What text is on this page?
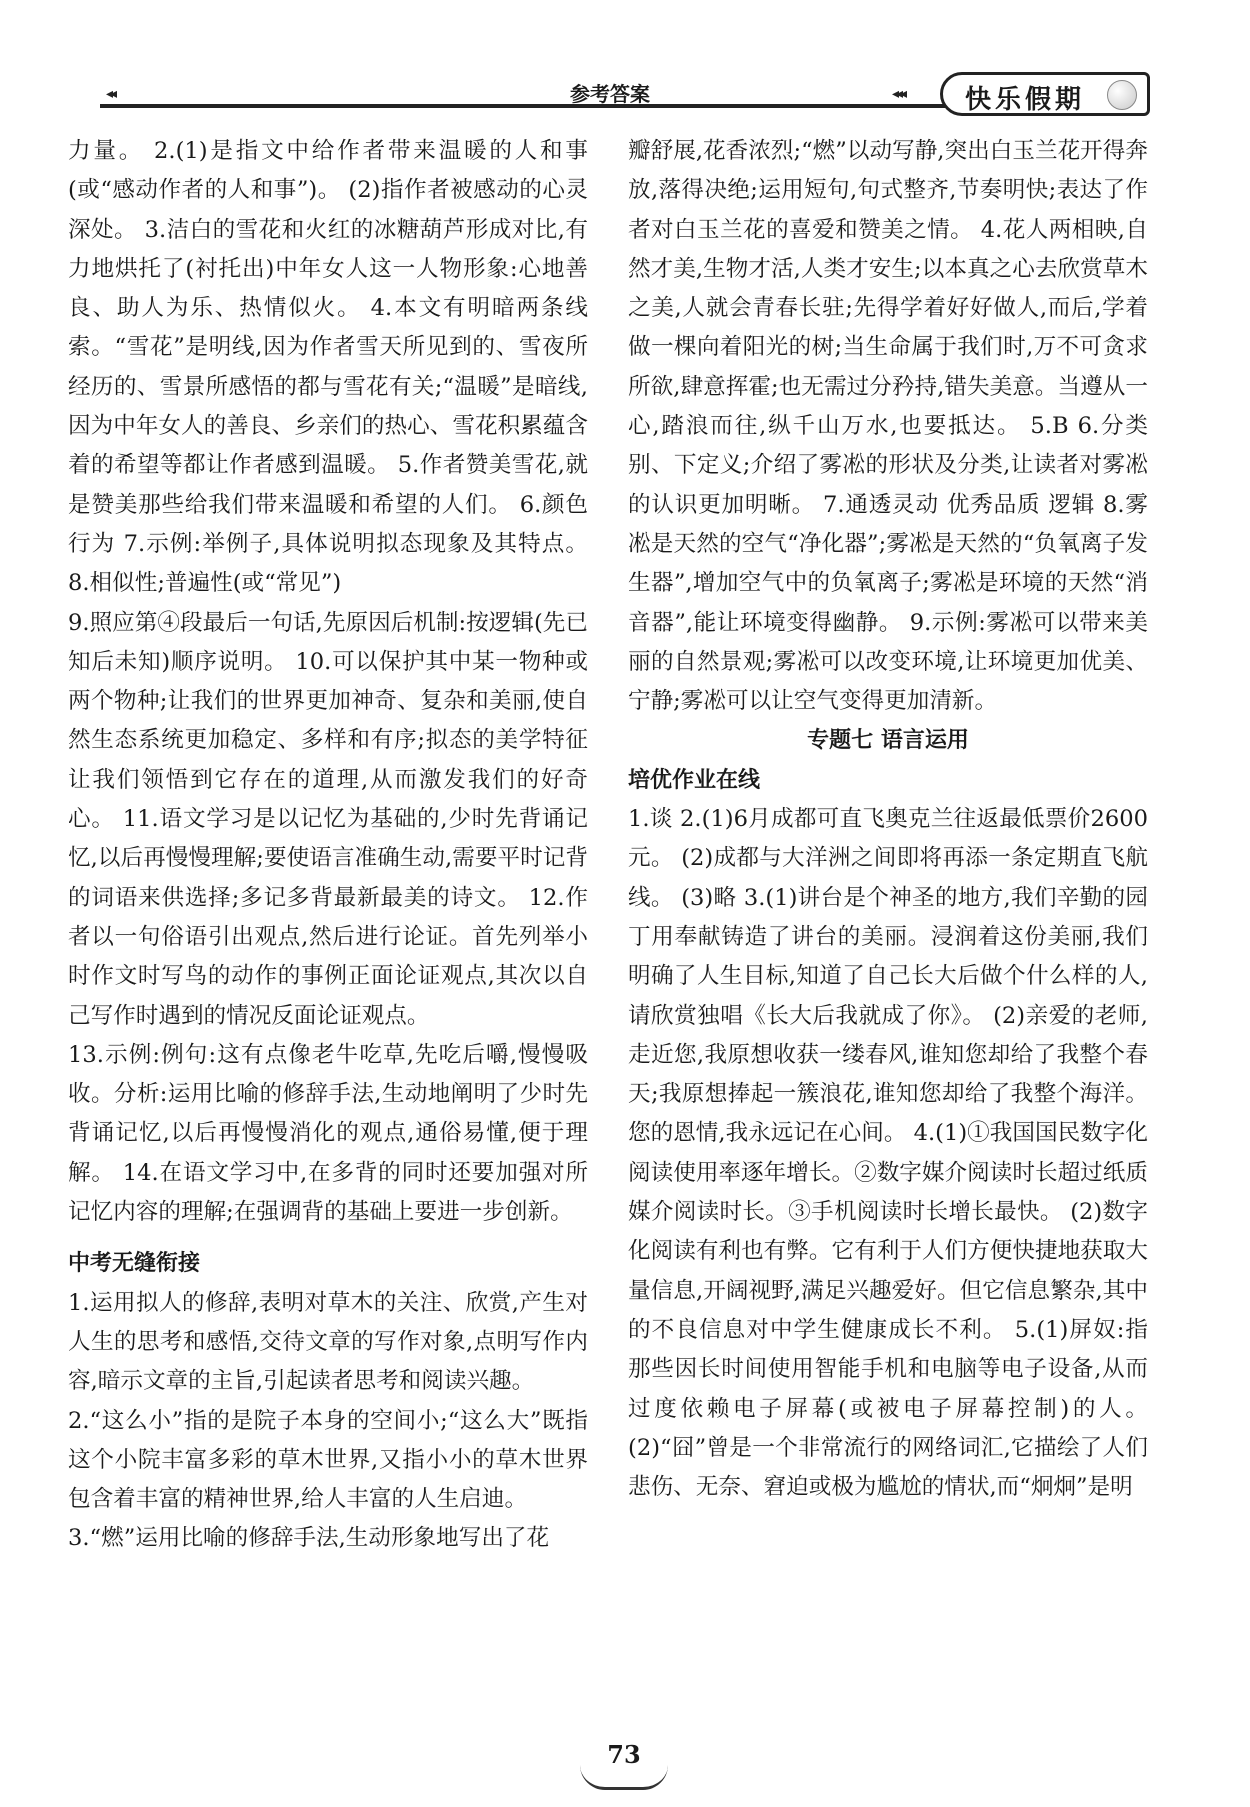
◂◂	参考答案	◂◂◂ 快乐假期

力量。 2.(1)是指文中给作者带来温暖的人和事(或“感动作者的人和事”)。 (2)指作者被感动的心灵深处。 3.洁白的雪花和火红的冰糖葫芦形成对比,有力地烘托了(衬托出)中年女人这一人物形象:心地善良、助人为乐、热情似火。 4.本文有明暗两条线索。“雪花”是明线,因为作者雪天所见到的、雪夜所经历的、雪景所感悟的都与雪花有关;“温暖”是暗线,因为中年女人的善良、乡亲们的热心、雪花积累蕴含着的希望等都让作者感到温暖。 5.作者赞美雪花,就是赞美那些给我们带来温暖和希望的人们。 6.颜色 行为 7.示例:举例子,具体说明拟态现象及其特点。 8.相似性;普遍性(或“常见”)

9.照应第④段最后一句话,先原因后机制:按逻辑(先已知后未知)顺序说明。 10.可以保护其中某一物种或两个物种;让我们的世界更加神奇、复杂和美丽,使自然生态系统更加稳定、多样和有序;拟态的美学特征让我们领悟到它存在的道理,从而激发我们的好奇心。 11.语文学习是以记忆为基础的,少时先背诵记忆,以后再慢慢理解;要使语言准确生动,需要平时记背的词语来供选择;多记多背最新最美的诗文。 12.作者以一句俗语引出观点,然后进行论证。首先列举小时作文时写鸟的动作的事例正面论证观点,其次以自己写作时遇到的情况反面论证观点。

13.示例:例句:这有点像老牛吃草,先吃后嚼,慢慢吸收。分析:运用比喻的修辞手法,生动地阐明了少时先背诵记忆,以后再慢慢消化的观点,通俗易懂,便于理解。 14.在语文学习中,在多背的同时还要加强对所记忆内容的理解;在强调背的基础上要进一步创新。

中考无缝衔接

1.运用拟人的修辞,表明对草木的关注、欣赏,产生对人生的思考和感悟,交待文章的写作对象,点明写作内容,暗示文章的主旨,引起读者思考和阅读兴趣。

2.“这么小”指的是院子本身的空间小;“这么大”既指这个小院丰富多彩的草木世界,又指小小的草木世界包含着丰富的精神世界,给人丰富的人生启迪。

3.“燃”运用比喻的修辞手法,生动形象地写出了花

瓣舒展,花香浓烈;“燃”以动写静,突出白玉兰花开得奔放,落得决绝;运用短句,句式整齐,节奏明快;表达了作者对白玉兰花的喜爱和赞美之情。 4.花人两相映,自然才美,生物才活,人类才安生;以本真之心去欣赏草木之美,人就会青春长驻;先得学着好好做人,而后,学着做一棵向着阳光的树;当生命属于我们时,万不可贪求所欲,肆意挥霍;也无需过分矜持,错失美意。当遵从一心,踏浪而往,纵千山万水,也要抵达。 5.B 6.分类别、下定义;介绍了雾凇的形状及分类,让读者对雾凇的认识更加明晰。 7.通透灵动 优秀品质 逻辑 8.雾凇是天然的空气“净化器”;雾凇是天然的“负氧离子发生器”,增加空气中的负氧离子;雾凇是环境的天然“消音器”,能让环境变得幽静。 9.示例:雾凇可以带来美丽的自然景观;雾凇可以改变环境,让环境更加优美、宁静;雾凇可以让空气变得更加清新。

专题七 语言运用

培优作业在线

1.谈 2.(1)6月成都可直飞奥克兰往返最低票价2600元。 (2)成都与大洋洲之间即将再添一条定期直飞航线。 (3)略 3.(1)讲台是个神圣的地方,我们辛勤的园丁用奉献铸造了讲台的美丽。浸润着这份美丽,我们明确了人生目标,知道了自己长大后做个什么样的人,请欣赏独唱《长大后我就成了你》。 (2)亲爱的老师,走近您,我原想收获一缕春风,谁知您却给了我整个春天;我原想捧起一簇浪花,谁知您却给了我整个海洋。您的恩情,我永远记在心间。 4.(1)①我国国民数字化阅读使用率逐年增长。②数字媒介阅读时长超过纸质媒介阅读时长。③手机阅读时长增长最快。 (2)数字化阅读有利也有弊。它有利于人们方便快捷地获取大量信息,开阔视野,满足兴趣爱好。但它信息繁杂,其中的不良信息对中学生健康成长不利。 5.(1)屏奴:指那些因长时间使用智能手机和电脑等电子设备,从而过度依赖电子屏幕(或被电子屏幕控制)的人。 (2)“囧”曾是一个非常流行的网络词汇,它描绘了人们悲伤、无奈、窘迫或极为尴尬的情状,而“炯炯”是明

73
